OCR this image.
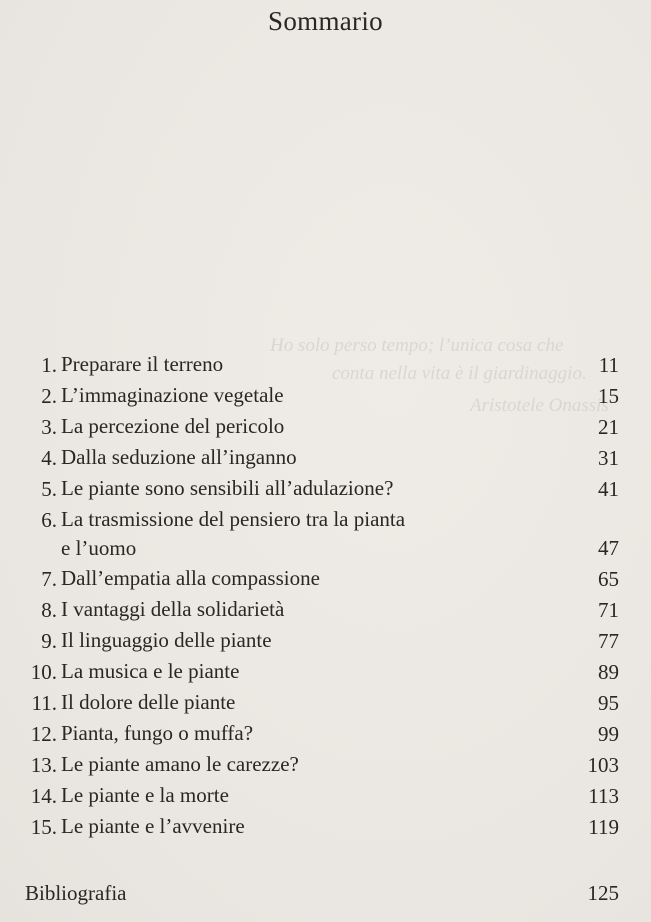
Ho solo perso tempo; l’unica cosa che
conta nella vita è il giardinaggio.
Aristotele Onassis
Sommario
1. Preparare il terreno	11
2. L’immaginazione vegetale	15
3. La percezione del pericolo	21
4. Dalla seduzione all’inganno	31
5. Le piante sono sensibili all’adulazione?	41
6. La trasmissione del pensiero tra la pianta
e l’uomo	47
7. Dall’empatia alla compassione	65
8. I vantaggi della solidarietà	71
9. Il linguaggio delle piante	77
10. La musica e le piante	89
11. Il dolore delle piante	95
12. Pianta, fungo o muffa?	99
13. Le piante amano le carezze?	103
14. Le piante e la morte	113
15. Le piante e l’avvenire	119
Bibliografia	125
